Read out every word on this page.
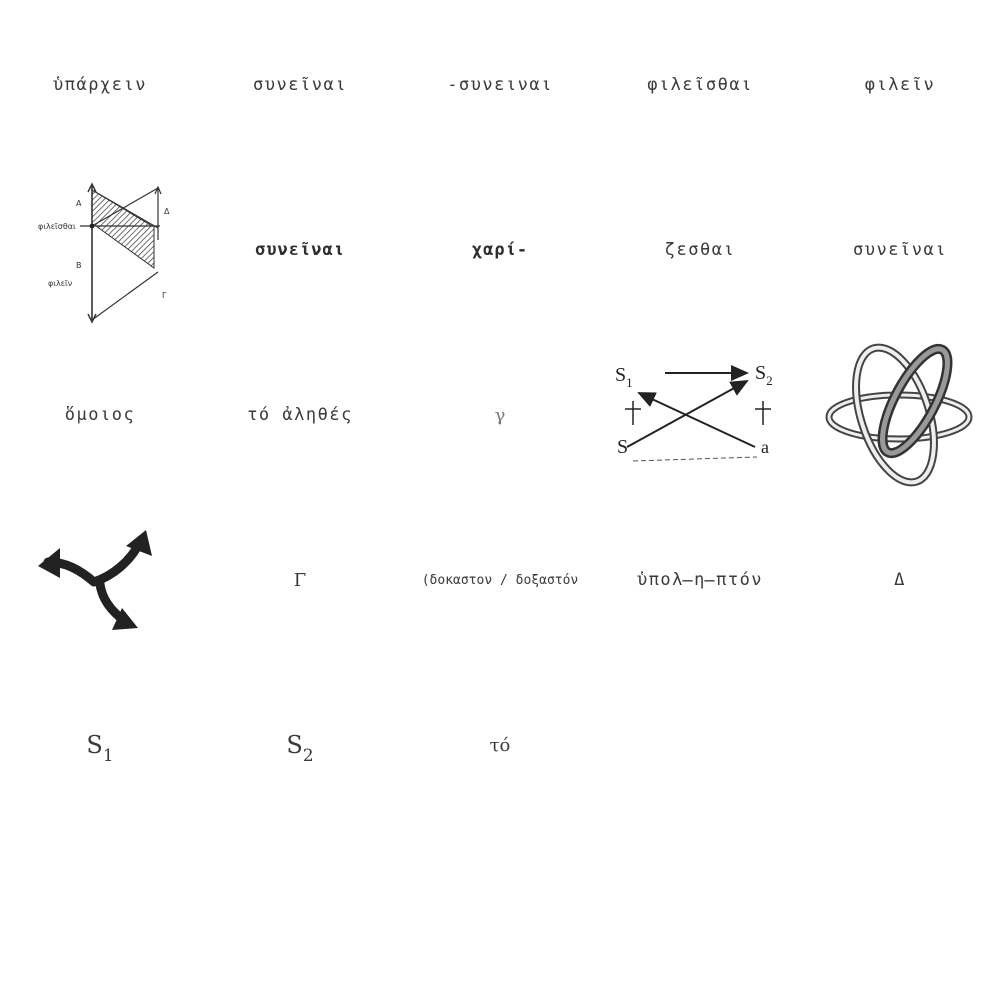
ὑπάρχειν	συνεῖναι	-συνειναι	φιλεῖσθαι	φιλεῖν
Α
Δ
φιλεῖσθαι
Β
φιλεῖν
Γ
συνεῖναι	χαρί-	ζεσθαι	συνεῖναι
ὅμοιος	τό ἀληθές	γ
$S_1$	$S_2$
S	a
Γ	(δοκαστον / δοξαστόν	ὑπολ̶η̶πτόν	Δ
$S_1$	$S_2$	τό
